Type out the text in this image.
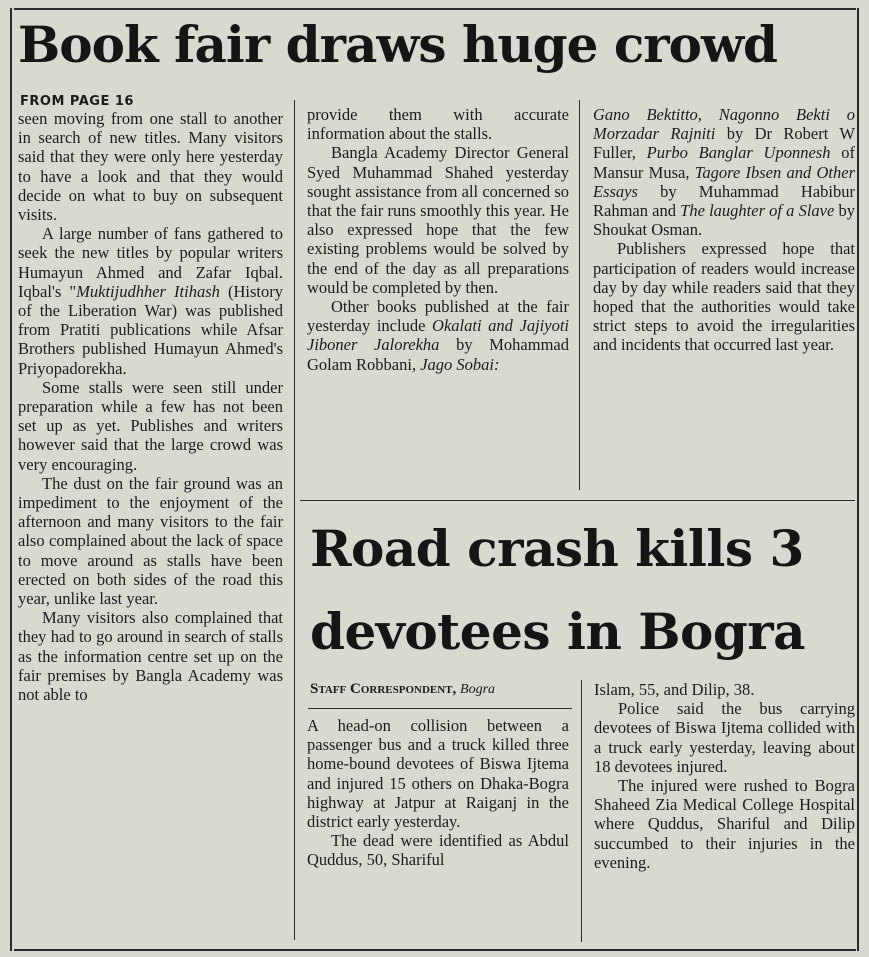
Book fair draws huge crowd
FROM PAGE 16

seen moving from one stall to another in search of new titles. Many visitors said that they were only here yesterday to have a look and that they would decide on what to buy on subsequent visits.

A large number of fans gathered to seek the new titles by popular writers Humayun Ahmed and Zafar Iqbal. Iqbal's "Muktijudhher Itihash (History of the Liberation War) was published from Pratiti publications while Afsar Brothers published Humayun Ahmed's Priyopadorekha.

Some stalls were seen still under preparation while a few has not been set up as yet. Publishes and writers however said that the large crowd was very encouraging.

The dust on the fair ground was an impediment to the enjoyment of the afternoon and many visitors to the fair also complained about the lack of space to move around as stalls have been erected on both sides of the road this year, unlike last year.

Many visitors also complained that they had to go around in search of stalls as the information centre set up on the fair premises by Bangla Academy was not able to

provide them with accurate information about the stalls.

Bangla Academy Director General Syed Muhammad Shahed yesterday sought assistance from all concerned so that the fair runs smoothly this year. He also expressed hope that the few existing problems would be solved by the end of the day as all preparations would be completed by then.

Other books published at the fair yesterday include Okalati and Jajiyoti Jiboner Jalorekha by Mohammad Golam Robbani, Jago Sobai:

Gano Bektitto, Nagonno Bekti o Morzadar Rajniti by Dr Robert W Fuller, Purbo Banglar Uponnesh of Mansur Musa, Tagore Ibsen and Other Essays by Muhammad Habibur Rahman and The laughter of a Slave by Shoukat Osman.

Publishers expressed hope that participation of readers would increase day by day while readers said that they hoped that the authorities would take strict steps to avoid the irregularities and incidents that occurred last year.

Road crash kills 3
devotees in Bogra
Staff Correspondent, Bogra

A head-on collision between a passenger bus and a truck killed three home-bound devotees of Biswa Ijtema and injured 15 others on Dhaka-Bogra highway at Jatpur at Raiganj in the district early yesterday.

The dead were identified as Abdul Quddus, 50, Shariful

Islam, 55, and Dilip, 38.

Police said the bus carrying devotees of Biswa Ijtema collided with a truck early yesterday, leaving about 18 devotees injured.

The injured were rushed to Bogra Shaheed Zia Medical College Hospital where Quddus, Shariful and Dilip succumbed to their injuries in the evening.
